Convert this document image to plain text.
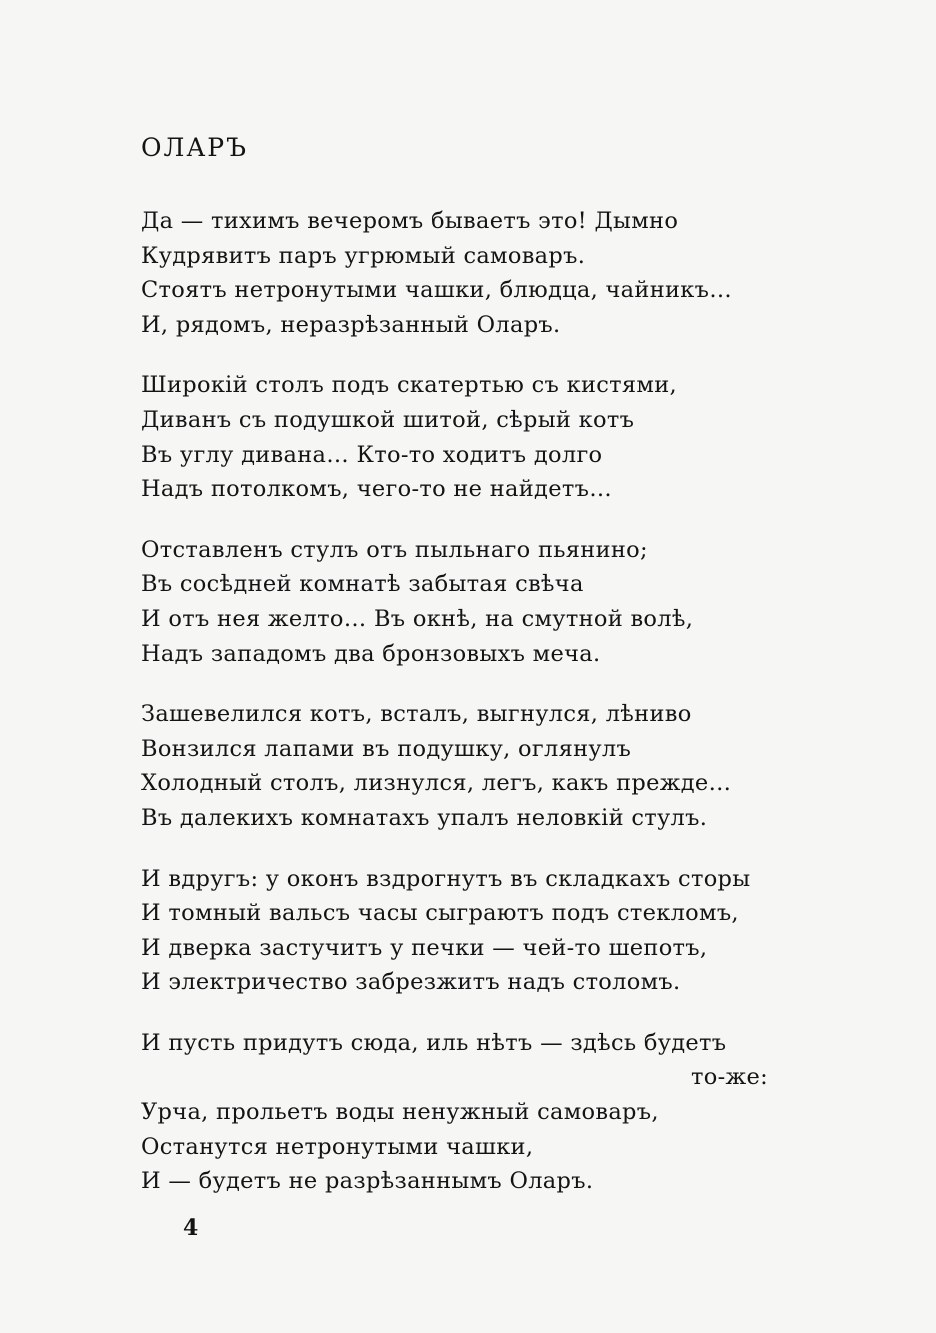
ОЛАРЪ
Да — тихимъ вечеромъ бываетъ это! Дымно
Кудрявитъ паръ угрюмый самоваръ.
Стоятъ нетронутыми чашки, блюдца, чайникъ…
И, рядомъ, неразрѣзанный Оларъ.
Широкiй столъ подъ скатертью съ кистями,
Диванъ съ подушкой шитой, сѣрый котъ
Въ углу дивана… Кто-то ходитъ долго
Надъ потолкомъ, чего-то не найдетъ…
Отставленъ стулъ отъ пыльнаго пьянино;
Въ сосѣдней комнатѣ забытая свѣча
И отъ нея желто… Въ окнѣ, на смутной волѣ,
Надъ западомъ два бронзовыхъ меча.
Зашевелился котъ, всталъ, выгнулся, лѣниво
Вонзился лапами въ подушку, оглянулъ
Холодный столъ, лизнулся, легъ, какъ прежде…
Въ далекихъ комнатахъ упалъ неловкiй стулъ.
И вдругъ: у оконъ вздрогнутъ въ складкахъ сторы
И томный вальсъ часы сыграютъ подъ стекломъ,
И дверка застучитъ у печки — чей-то шепотъ,
И электричество забрезжитъ надъ столомъ.
И пусть придутъ сюда, иль нѣтъ — здѣсь будетъ
то-же:
Урча, прольетъ воды ненужный самоваръ,
Останутся нетронутыми чашки,
И — будетъ не разрѣзаннымъ Оларъ.
4
